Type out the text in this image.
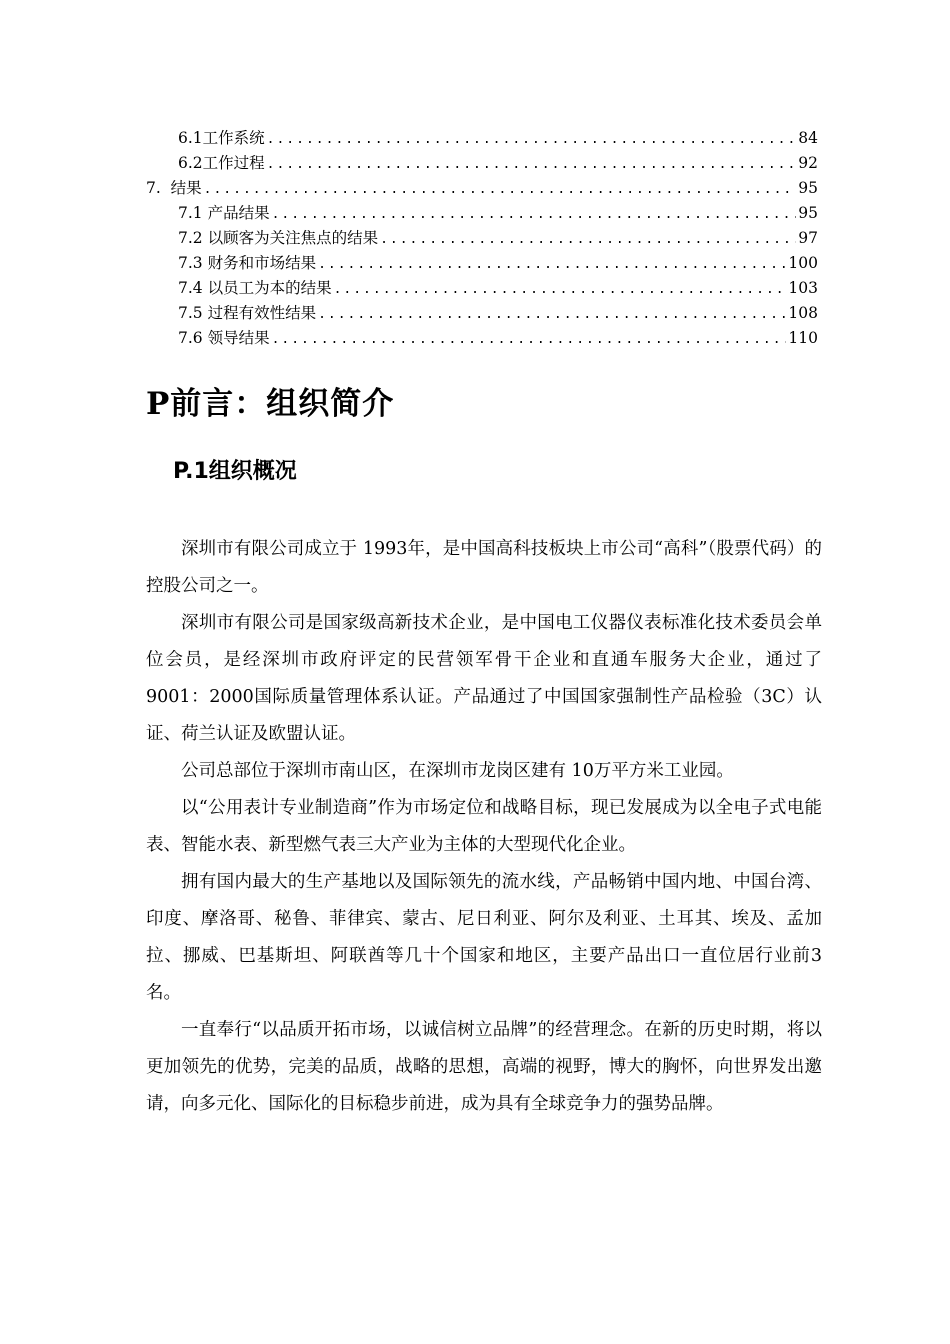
6.1工作系统 .....	84
6.2工作过程 .....	92
7.  结果 .....	95
7.1 产品结果 .....	95
7.2 以顾客为关注焦点的结果 .....	97
7.3 财务和市场结果 .....	100
7.4 以员工为本的结果 .....	103
7.5 过程有效性结果 .....	108
7.6 领导结果 .....	110
P前言：组织简介
P.1组织概况

深圳市有限公司成立于 1993年，是中国高科技板块上市公司“高科”（股票代码）的控股公司之一。

深圳市有限公司是国家级高新技术企业，是中国电工仪器仪表标准化技术委员会单位会员，是经深圳市政府评定的民营领军骨干企业和直通车服务大企业，通过了 9001：2000国际质量管理体系认证。产品通过了中国国家强制性产品检验（3C）认证、荷兰认证及欧盟认证。

公司总部位于深圳市南山区，在深圳市龙岗区建有 10万平方米工业园。

以“公用表计专业制造商”作为市场定位和战略目标，现已发展成为以全电子式电能表、智能水表、新型燃气表三大产业为主体的大型现代化企业。

拥有国内最大的生产基地以及国际领先的流水线，产品畅销中国内地、中国台湾、印度、摩洛哥、秘鲁、菲律宾、蒙古、尼日利亚、阿尔及利亚、土耳其、埃及、孟加拉、挪威、巴基斯坦、阿联酋等几十个国家和地区，主要产品出口一直位居行业前3名。

一直奉行“以品质开拓市场，以诚信树立品牌”的经营理念。在新的历史时期，将以更加领先的优势，完美的品质，战略的思想，高端的视野，博大的胸怀，向世界发出邀请，向多元化、国际化的目标稳步前进，成为具有全球竞争力的强势品牌。
